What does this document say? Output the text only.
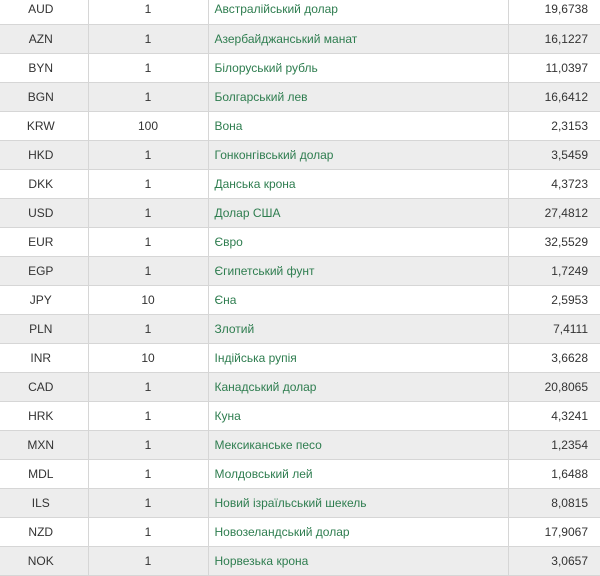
AUD	1	Австралійський долар	19,6738
AZN	1	Азербайджанський манат	16,1227
BYN	1	Білоруський рубль	11,0397
BGN	1	Болгарський лев	16,6412
KRW	100	Вона	2,3153
HKD	1	Гонконгівський долар	3,5459
DKK	1	Данська крона	4,3723
USD	1	Долар США	27,4812
EUR	1	Євро	32,5529
EGP	1	Єгипетський фунт	1,7249
JPY	10	Єна	2,5953
PLN	1	Злотий	7,4111
INR	10	Індійська рупія	3,6628
CAD	1	Канадський долар	20,8065
HRK	1	Куна	4,3241
MXN	1	Мексиканське песо	1,2354
MDL	1	Молдовський лей	1,6488
ILS	1	Новий ізраїльський шекель	8,0815
NZD	1	Новозеландський долар	17,9067
NOK	1	Норвезька крона	3,0657
